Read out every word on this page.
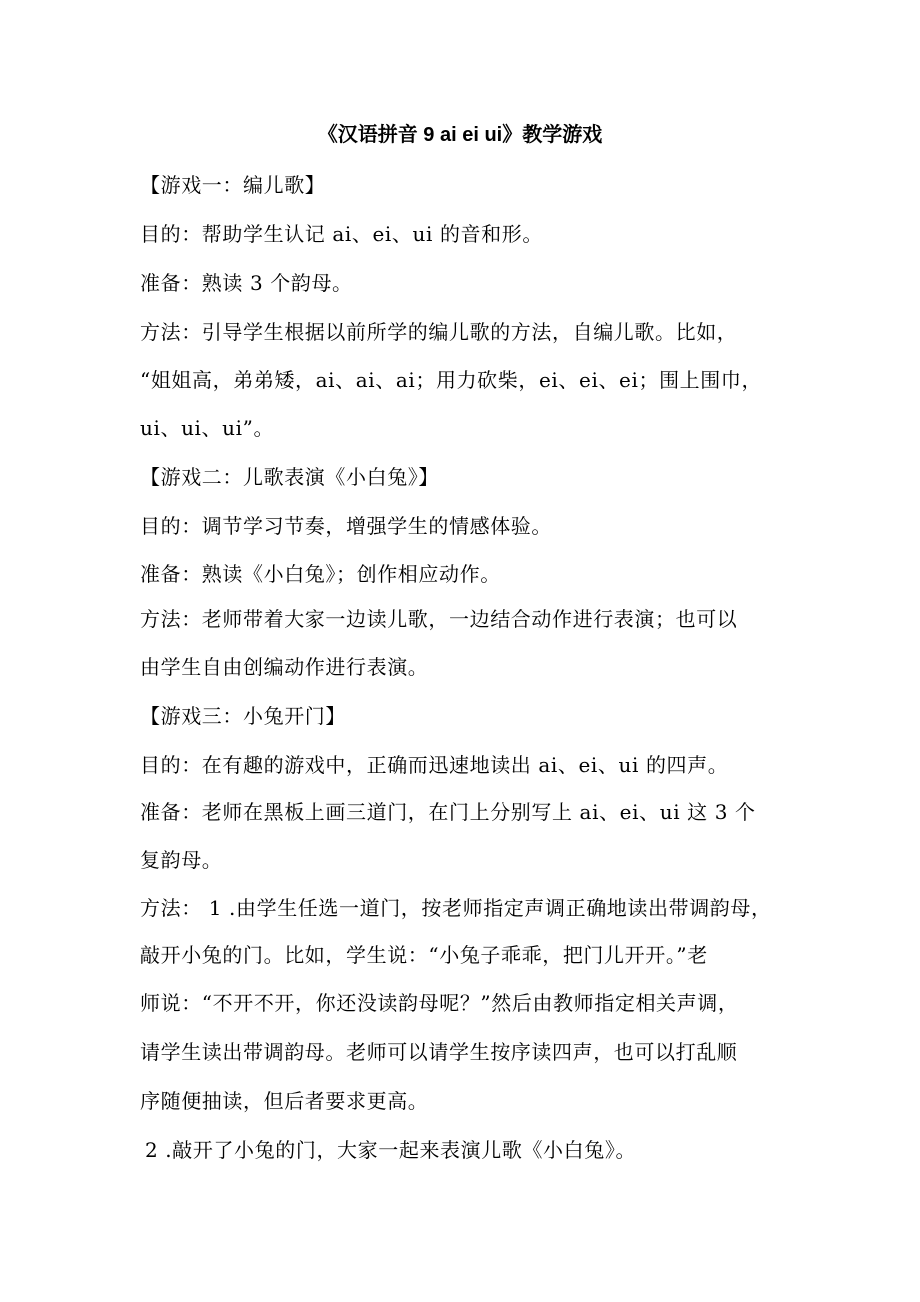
《汉语拼音 9 ai ei ui》教学游戏
【游戏一：编儿歌】
目的：帮助学生认记 ai、ei、ui 的音和形。
准备：熟读 3 个韵母。
方法：引导学生根据以前所学的编儿歌的方法，自编儿歌。比如，
“姐姐高，弟弟矮，ai、ai、ai；用力砍柴，ei、ei、ei；围上围巾，
ui、ui、ui”。
【游戏二：儿歌表演《小白兔》】
目的：调节学习节奏，增强学生的情感体验。
准备：熟读《小白兔》；创作相应动作。
方法：老师带着大家一边读儿歌，一边结合动作进行表演；也可以
由学生自由创编动作进行表演。
【游戏三：小兔开门】
目的：在有趣的游戏中，正确而迅速地读出 ai、ei、ui 的四声。
准备：老师在黑板上画三道门，在门上分别写上 ai、ei、ui 这 3 个
复韵母。
方法： 1 .由学生任选一道门，按老师指定声调正确地读出带调韵母，
敲开小兔的门。比如，学生说：“小兔子乖乖，把门儿开开。”老
师说：“不开不开，你还没读韵母呢？”然后由教师指定相关声调，
请学生读出带调韵母。老师可以请学生按序读四声，也可以打乱顺
序随便抽读，但后者要求更高。
2 .敲开了小兔的门，大家一起来表演儿歌《小白兔》。
